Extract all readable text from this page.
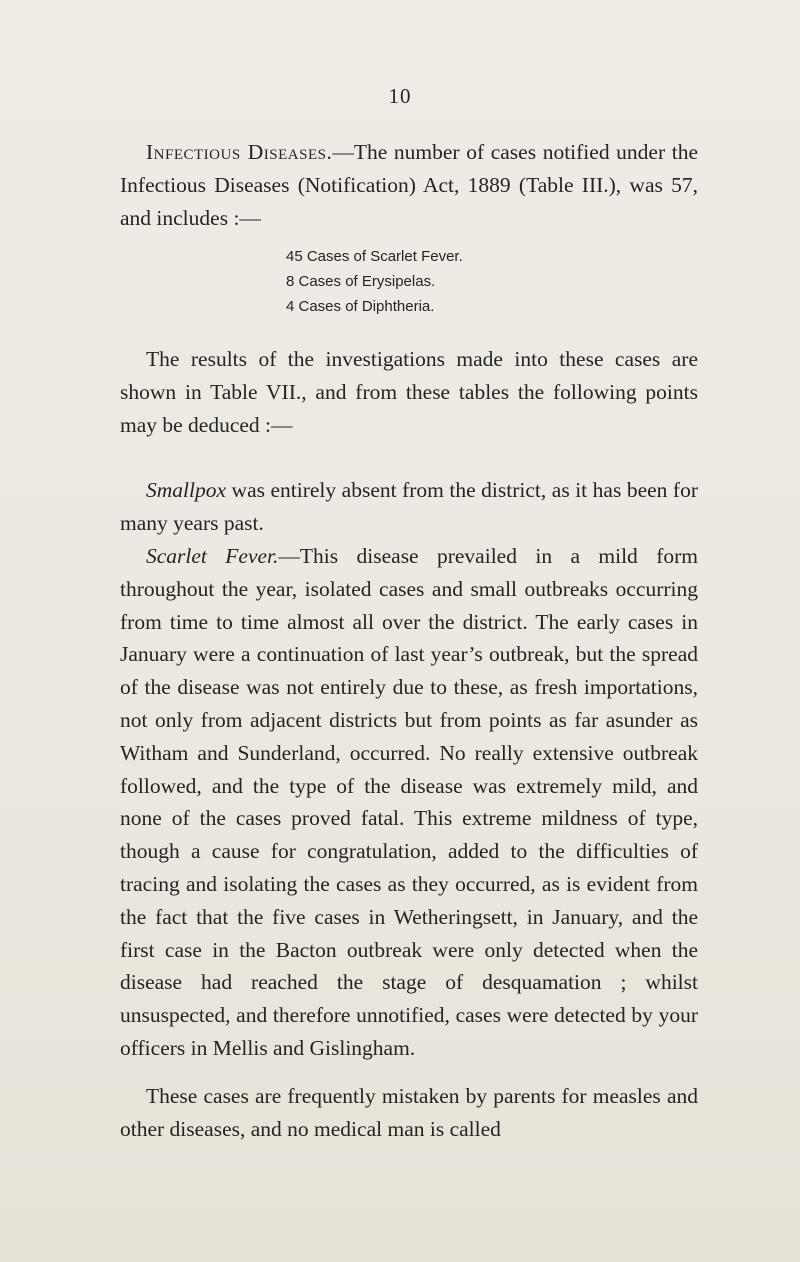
10

Infectious Diseases.—The number of cases notified under the Infectious Diseases (Notification) Act, 1889 (Table III.), was 57, and includes :—

45 Cases of Scarlet Fever.
8 Cases of Erysipelas.
4 Cases of Diphtheria.

The results of the investigations made into these cases are shown in Table VII., and from these tables the following points may be deduced :—

Smallpox was entirely absent from the district, as it has been for many years past.

Scarlet Fever.—This disease prevailed in a mild form throughout the year, isolated cases and small outbreaks occurring from time to time almost all over the district. The early cases in January were a continuation of last year’s outbreak, but the spread of the disease was not entirely due to these, as fresh importations, not only from adjacent districts but from points as far asunder as Witham and Sunderland, occurred. No really extensive outbreak followed, and the type of the disease was extremely mild, and none of the cases proved fatal. This extreme mildness of type, though a cause for congratulation, added to the difficulties of tracing and isolating the cases as they occurred, as is evident from the fact that the five cases in Wetheringsett, in January, and the first case in the Bacton outbreak were only detected when the disease had reached the stage of desquamation ; whilst unsuspected, and therefore unnotified, cases were detected by your officers in Mellis and Gislingham.

These cases are frequently mistaken by parents for measles and other diseases, and no medical man is called
